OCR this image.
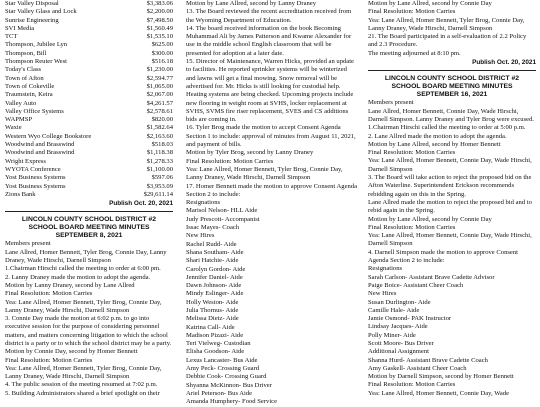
Star Valley Disposal	$3,383.06
Star Valley Glass and Lock	$2,200.00
Sunrise Engineering	$7,498.50
SVI Media	$1,560.49
TCT	$1,535.10
Thompson, Jubilee Lyn	$625.00
Thompson, Bill	$300.00
Thompson Reuter West	$516.18
Today's Class	$1,230.00
Town of Afton	$2,594.77
Town of Cokeville	$1,065.00
Traumstein, Keira	$2,067.00
Valley Auto	$4,261.57
Valley Office Systems	$2,578.61
WAPMSP	$820.00
Waxie	$1,582.64
Western Wyo College Bookstore	$2,163.60
Woodwind and Brasswind	$518.03
Woodwind and Brasswind	$1,118.38
Wright Express	$1,278.33
WYOTA Conference	$1,100.00
Yost Business Systems	$597.06
Yost Business Systems	$3,953.09
Zions Bank	$29,611.14
Publish Oct. 20, 2021
LINCOLN COUNTY SCHOOL DISTRICT #2
SCHOOL BOARD MEETING MINUTES
SEPTEMBER 8, 2021

Members present

Lane Allred, Homer Bennett, Tyler Brog, Connie Day, Lanny Draney, Wade Hirschi, Darnell Simpson

1.Chairman Hirschi called the meeting to order at 6:00 pm.

2. Lanny Draney made the motion to adopt the agenda.

Motion by Lanny Draney, second by Lane Allred

Final Resolution: Motion Carries

Yea: Lane Allred, Homer Bennett, Tyler Brog, Connie Day, Lanny Draney, Wade Hirschi, Darnell Simpson

3. Connie Day made the motion at 6:02 p.m. to go into executive session for the purpose of considering personnel matters, and matters concerning litigation to which the school district is a party or to which the school district may be a party.

Motion by Connie Day, second by Homer Bennett

Final Resolution: Motion Carries

Yea: Lane Allred, Homer Bennett, Tyler Brog, Connie Day, Lanny Draney, Wade Hirschi, Darnell Simpson

4. The public session of the meeting resumed at 7:02 p.m.

5. Building Administrators shared a brief spotlight on their

Motion by Lane Allred, second by Lanny Draney

13. The Board reviewed the recent accreditation received from the Wyoming Department of Education.

14. The board received information on the book Becoming Muhammad Ali by James Patterson and Kwame Alexander for use in the middle school English classroom that will be presented for adoption at a later date.

15. Director of Maintenance, Warren Hicks, provided an update to facilities. He reported sprinkler systems will be winterized and lawns will get a final mowing. Snow removal will be advertised for. Mr. Hicks is still looking for custodial help. Heating systems are being checked. Upcoming projects include new flooring in weight room at SVHS, locker replacement at SVHS, SVMS fire riser replacement, SVES and CS additions bids are coming in.

16. Tyler Brog made the motion to accept Consent Agenda Section 1 to include: approval of minutes from August 11, 2021, and payment of bills.

Motion by Tyler Brog, second by Lanny Draney

Final Resolution: Motion Carries

Yea: Lane Allred, Homer Bennett, Tyler Brog, Connie Day, Lanny Draney, Wade Hirschi, Darnell Simpson

17. Homer Bennett made the motion to approve Consent Agenda Section 2 to include:

Resignations

Marisol Nelson- HLL Aide

Judy Prescott- Accompanist

Issac Mayes- Coach

New Hires

Rachel Rudd- Aide

Shana Southam- Aide

Shari Hatchie- Aide

Carolyn Gordon- Aide

Jennifer Daniel- Aide

Dawn Johnson- Aide

Mindy Eslinger- Aide

Holly Weston- Aide

Julia Thornus- Aide

Melissa Dietz- Aide

Katrina Call- Aide

Madison Pizazi- Aide

Teri Vielweg- Custodian

Elisha Goodson- Aide

Lexus Lancaster- Bus Aide

Amy Peck- Crossing Guard

Debbie Cook- Crossing Guard

Shyanna McKinnon- Bus Driver

Ariel Peterson- Bus Aide

Amanda Humphery- Food Service

Motion by Lane Allred, second by Connie Day

Final Resolution: Motion Carries

Yea: Lane Allred, Homer Bennett, Tyler Brog, Connie Day, Lanny Draney, Wade Hirschi, Darnell Simpson

21. The Board participated in a self-evaluation of 2.2 Policy and 2.3 Procedure.

The meeting adjourned at 8:10 pm.

Publish Oct. 20, 2021
LINCOLN COUNTY SCHOOL DISTRICT #2
SCHOOL BOARD MEETING MINUTES
SEPTEMBER 16, 2021

Members present

Lane Allred, Homer Bennett, Connie Day, Wade Hirschi, Darnell Simpson. Lanny Draney and Tyler Brog were excused.

1.Chairman Hirschi called the meeting to order at 5:00 p.m.

2. Lane Allred made the motion to adopt the agenda.

Motion by Lane Allred, second by Homer Bennett

Final Resolution: Motion Carries

Yea: Lane Allred, Homer Bennett, Connie Day, Wade Hirschi, Darnell Simpson

3. The Board will take action to reject the proposed bid on the Afton Waterline. Superintendent Erickson recommends rebidding again on this in the Spring.

Lane Allred made the motion to reject the proposed bid and to rebid again in the Spring.

Motion by Lane Allred, second by Connie Day

Final Resolution: Motion Carries

Yea: Lane Allred, Homer Bennett, Connie Day, Wade Hirschi, Darnell Simpson

4. Darnell Simpson made the motion to approve Consent Agenda Section 2 to include:

Resignations

Sarah Carlson- Assistant Brave Cadette Advisor

Paige Boice- Assistant Cheer Coach

New Hires

Susan Durlington- Aide

Camille Hale- Aide

Jamie Osmond- PAK Instructor

Lindsay Jacques- Aide

Polly Miner- Aide

Scott Moore- Bus Driver

Additional Assignment

Shanna Hurd- Assistant Brave Cadette Coach

Amy Gaskell- Assistant Cheer Coach

Motion by Darnell Simpson, second by Homer Bennett

Final Resolution: Motion Carries

Yea: Lane Allred, Homer Bennett, Connie Day, Wade
